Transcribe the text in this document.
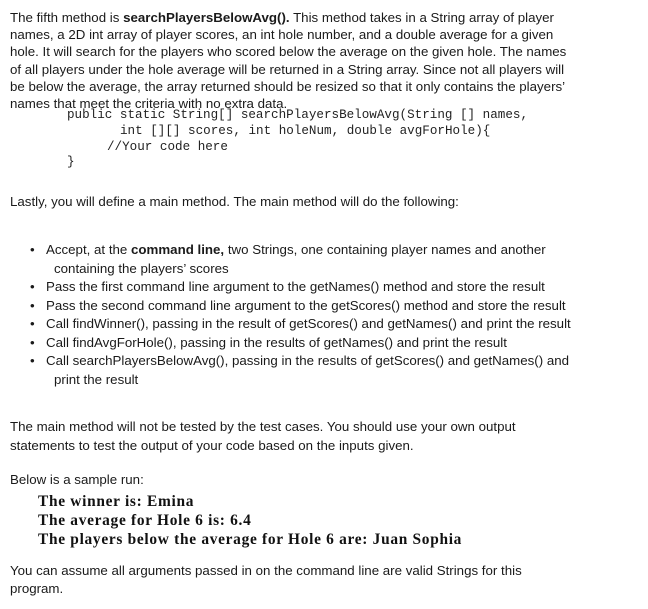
The fifth method is searchPlayersBelowAvg(). This method takes in a String array of player
names, a 2D int array of player scores, an int hole number, and a double average for a given
hole. It will search for the players who scored below the average on the given hole. The names
of all players under the hole average will be returned in a String array. Since not all players will
be below the average, the array returned should be resized so that it only contains the players’
names that meet the criteria with no extra data.
public static String[] searchPlayersBelowAvg(String [] names,
int [][] scores, int holeNum, double avgForHole){
//Your code here
}
Lastly, you will define a main method. The main method will do the following:
• Accept, at the command line, two Strings, one containing player names and another
containing the players’ scores
• Pass the first command line argument to the getNames() method and store the result
• Pass the second command line argument to the getScores() method and store the result
• Call findWinner(), passing in the result of getScores() and getNames() and print the result
• Call findAvgForHole(), passing in the results of getNames() and print the result
• Call searchPlayersBelowAvg(), passing in the results of getScores() and getNames() and
print the result
The main method will not be tested by the test cases. You should use your own output
statements to test the output of your code based on the inputs given.
Below is a sample run:
The winner is: Emina
The average for Hole 6 is: 6.4
The players below the average for Hole 6 are: Juan Sophia
You can assume all arguments passed in on the command line are valid Strings for this
program.
